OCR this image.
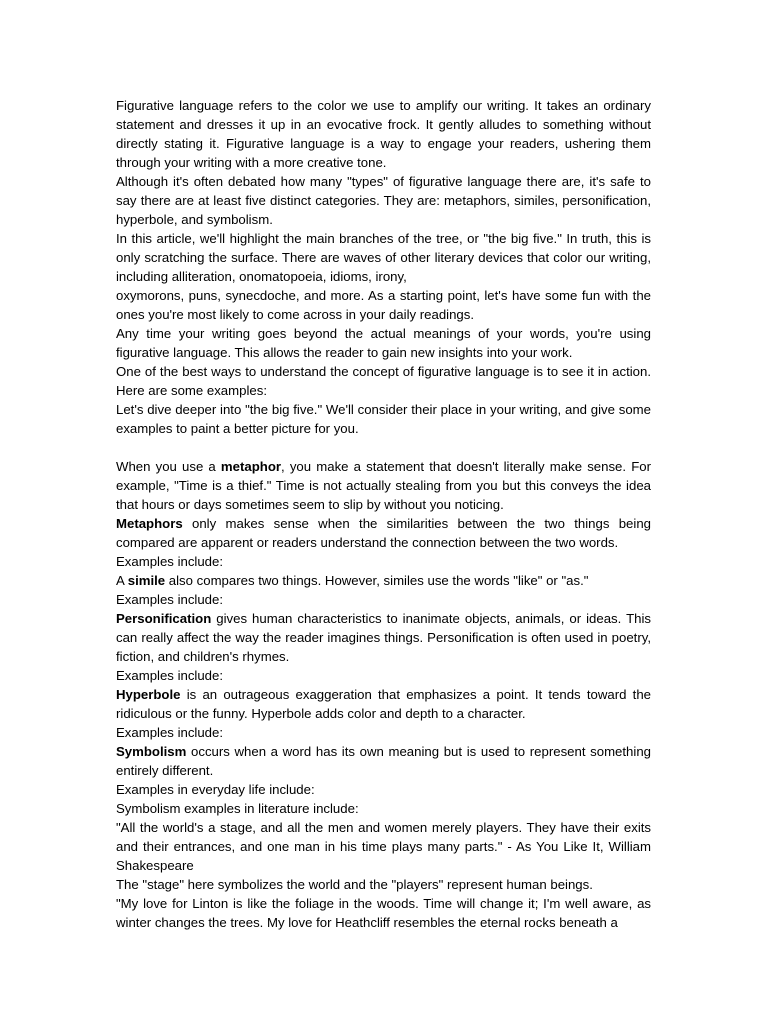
Figurative language refers to the color we use to amplify our writing. It takes an ordinary statement and dresses it up in an evocative frock. It gently alludes to something without directly stating it. Figurative language is a way to engage your readers, ushering them through your writing with a more creative tone.

Although it's often debated how many "types" of figurative language there are, it's safe to say there are at least five distinct categories. They are: metaphors, similes, personification, hyperbole, and symbolism.

In this article, we'll highlight the main branches of the tree, or "the big five." In truth, this is only scratching the surface. There are waves of other literary devices that color our writing, including alliteration, onomatopoeia, idioms, irony,

oxymorons, puns, synecdoche, and more. As a starting point, let's have some fun with the ones you're most likely to come across in your daily readings.

Any time your writing goes beyond the actual meanings of your words, you're using figurative language. This allows the reader to gain new insights into your work.

One of the best ways to understand the concept of figurative language is to see it in action. Here are some examples:

Let's dive deeper into "the big five." We'll consider their place in your writing, and give some examples to paint a better picture for you.

When you use a metaphor, you make a statement that doesn't literally make sense. For example, "Time is a thief." Time is not actually stealing from you but this conveys the idea that hours or days sometimes seem to slip by without you noticing.

Metaphors only makes sense when the similarities between the two things being compared are apparent or readers understand the connection between the two words.

Examples include:

A simile also compares two things. However, similes use the words "like" or "as."

Examples include:

Personification gives human characteristics to inanimate objects, animals, or ideas. This can really affect the way the reader imagines things. Personification is often used in poetry, fiction, and children's rhymes.

Examples include:

Hyperbole is an outrageous exaggeration that emphasizes a point. It tends toward the ridiculous or the funny. Hyperbole adds color and depth to a character.

Examples include:

Symbolism occurs when a word has its own meaning but is used to represent something entirely different.

Examples in everyday life include:

Symbolism examples in literature include:

"All the world's a stage, and all the men and women merely players. They have their exits and their entrances, and one man in his time plays many parts." - As You Like It, William Shakespeare

The "stage" here symbolizes the world and the "players" represent human beings.

"My love for Linton is like the foliage in the woods. Time will change it; I'm well aware, as winter changes the trees. My love for Heathcliff resembles the eternal rocks beneath a
